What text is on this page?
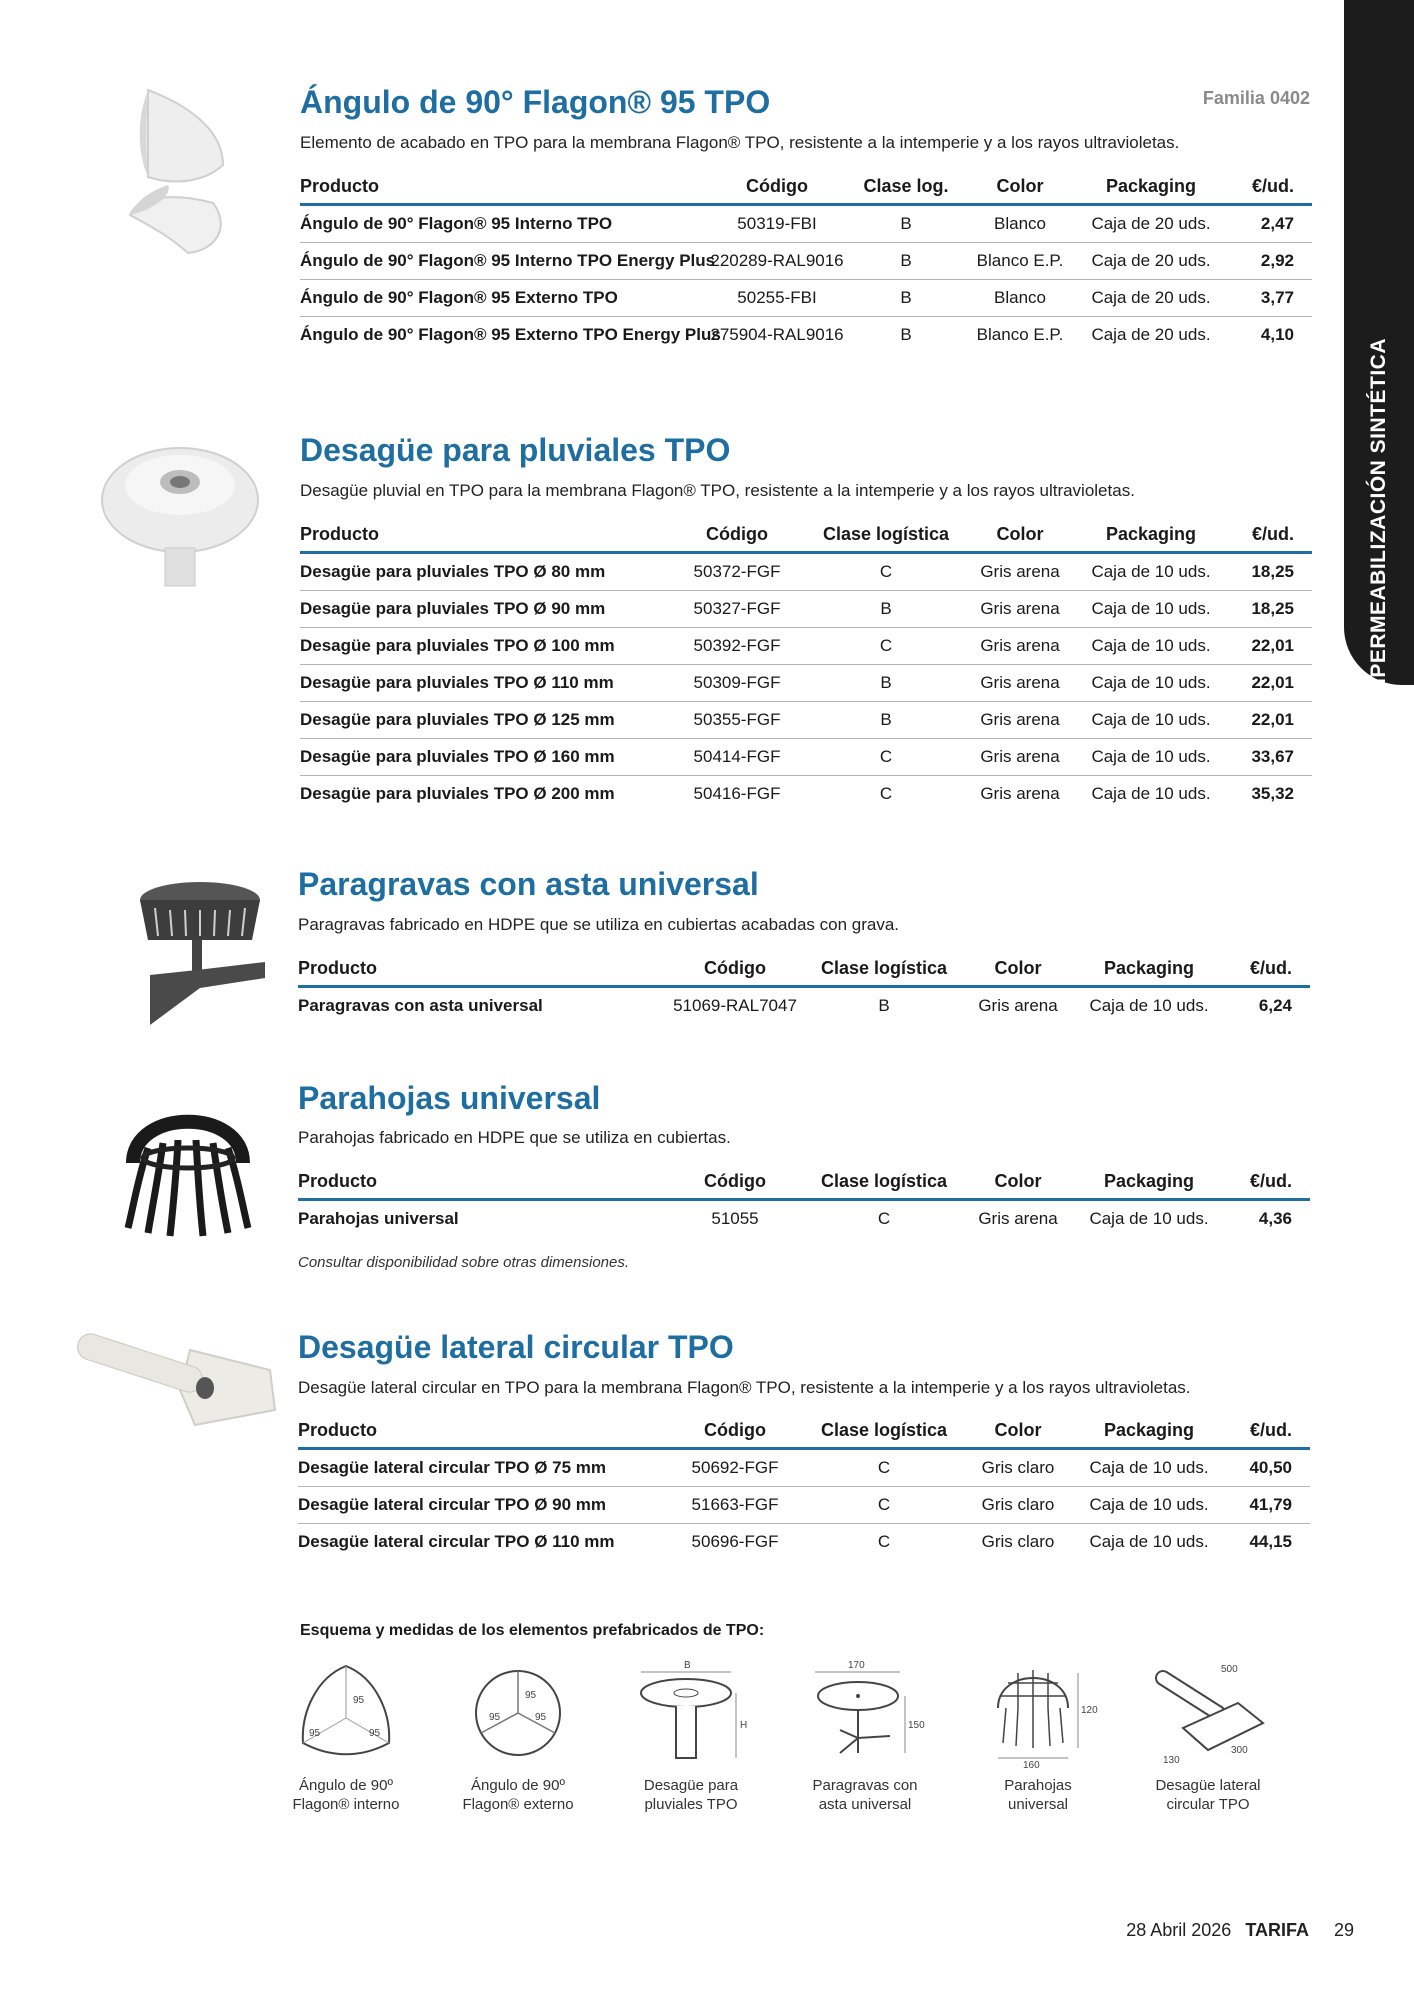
IMPERMEABILIZACIÓN SINTÉTICA
Familia 0402
Ángulo de 90° Flagon® 95 TPO
Elemento de acabado en TPO para la membrana Flagon® TPO, resistente a la intemperie y a los rayos ultravioletas.
Producto	Código	Clase log.	Color	Packaging	€/ud.
Ángulo de 90° Flagon® 95 Interno TPO	50319-FBI	B	Blanco	Caja de 20 uds.	2,47
Ángulo de 90° Flagon® 95 Interno TPO Energy Plus	220289-RAL9016	B	Blanco E.P.	Caja de 20 uds.	2,92
Ángulo de 90° Flagon® 95 Externo TPO	50255-FBI	B	Blanco	Caja de 20 uds.	3,77
Ángulo de 90° Flagon® 95 Externo TPO Energy Plus	275904-RAL9016	B	Blanco E.P.	Caja de 20 uds.	4,10
Desagüe para pluviales TPO
Desagüe pluvial en TPO para la membrana Flagon® TPO, resistente a la intemperie y a los rayos ultravioletas.
Producto	Código	Clase logística	Color	Packaging	€/ud.
Desagüe para pluviales TPO Ø 80 mm	50372-FGF	C	Gris arena	Caja de 10 uds.	18,25
Desagüe para pluviales TPO Ø 90 mm	50327-FGF	B	Gris arena	Caja de 10 uds.	18,25
Desagüe para pluviales TPO Ø 100 mm	50392-FGF	C	Gris arena	Caja de 10 uds.	22,01
Desagüe para pluviales TPO Ø 110 mm	50309-FGF	B	Gris arena	Caja de 10 uds.	22,01
Desagüe para pluviales TPO Ø 125 mm	50355-FGF	B	Gris arena	Caja de 10 uds.	22,01
Desagüe para pluviales TPO Ø 160 mm	50414-FGF	C	Gris arena	Caja de 10 uds.	33,67
Desagüe para pluviales TPO Ø 200 mm	50416-FGF	C	Gris arena	Caja de 10 uds.	35,32
Paragravas con asta universal
Paragravas fabricado en HDPE que se utiliza en cubiertas acabadas con grava.
Producto	Código	Clase logística	Color	Packaging	€/ud.
Paragravas con asta universal	51069-RAL7047	B	Gris arena	Caja de 10 uds.	6,24
Parahojas universal
Parahojas fabricado en HDPE que se utiliza en cubiertas.
Producto	Código	Clase logística	Color	Packaging	€/ud.
Parahojas universal	51055	C	Gris arena	Caja de 10 uds.	4,36
Consultar disponibilidad sobre otras dimensiones.
Desagüe lateral circular TPO
Desagüe lateral circular en TPO para la membrana Flagon® TPO, resistente a la intemperie y a los rayos ultravioletas.
Producto	Código	Clase logística	Color	Packaging	€/ud.
Desagüe lateral circular TPO Ø 75 mm	50692-FGF	C	Gris claro	Caja de 10 uds.	40,50
Desagüe lateral circular TPO Ø 90 mm	51663-FGF	C	Gris claro	Caja de 10 uds.	41,79
Desagüe lateral circular TPO Ø 110 mm	50696-FGF	C	Gris claro	Caja de 10 uds.	44,15
Esquema y medidas de los elementos prefabricados de TPO:
95
95	95
Ángulo de 90º
Flagon® interno
95
95	95
Ángulo de 90º
Flagon® externo
B
H
Desagüe para
pluviales TPO
170
150
Paragravas con
asta universal
160
120
Parahojas
universal
500
300
130
Desagüe lateral
circular TPO
28 Abril 2026 TARIFA 29
